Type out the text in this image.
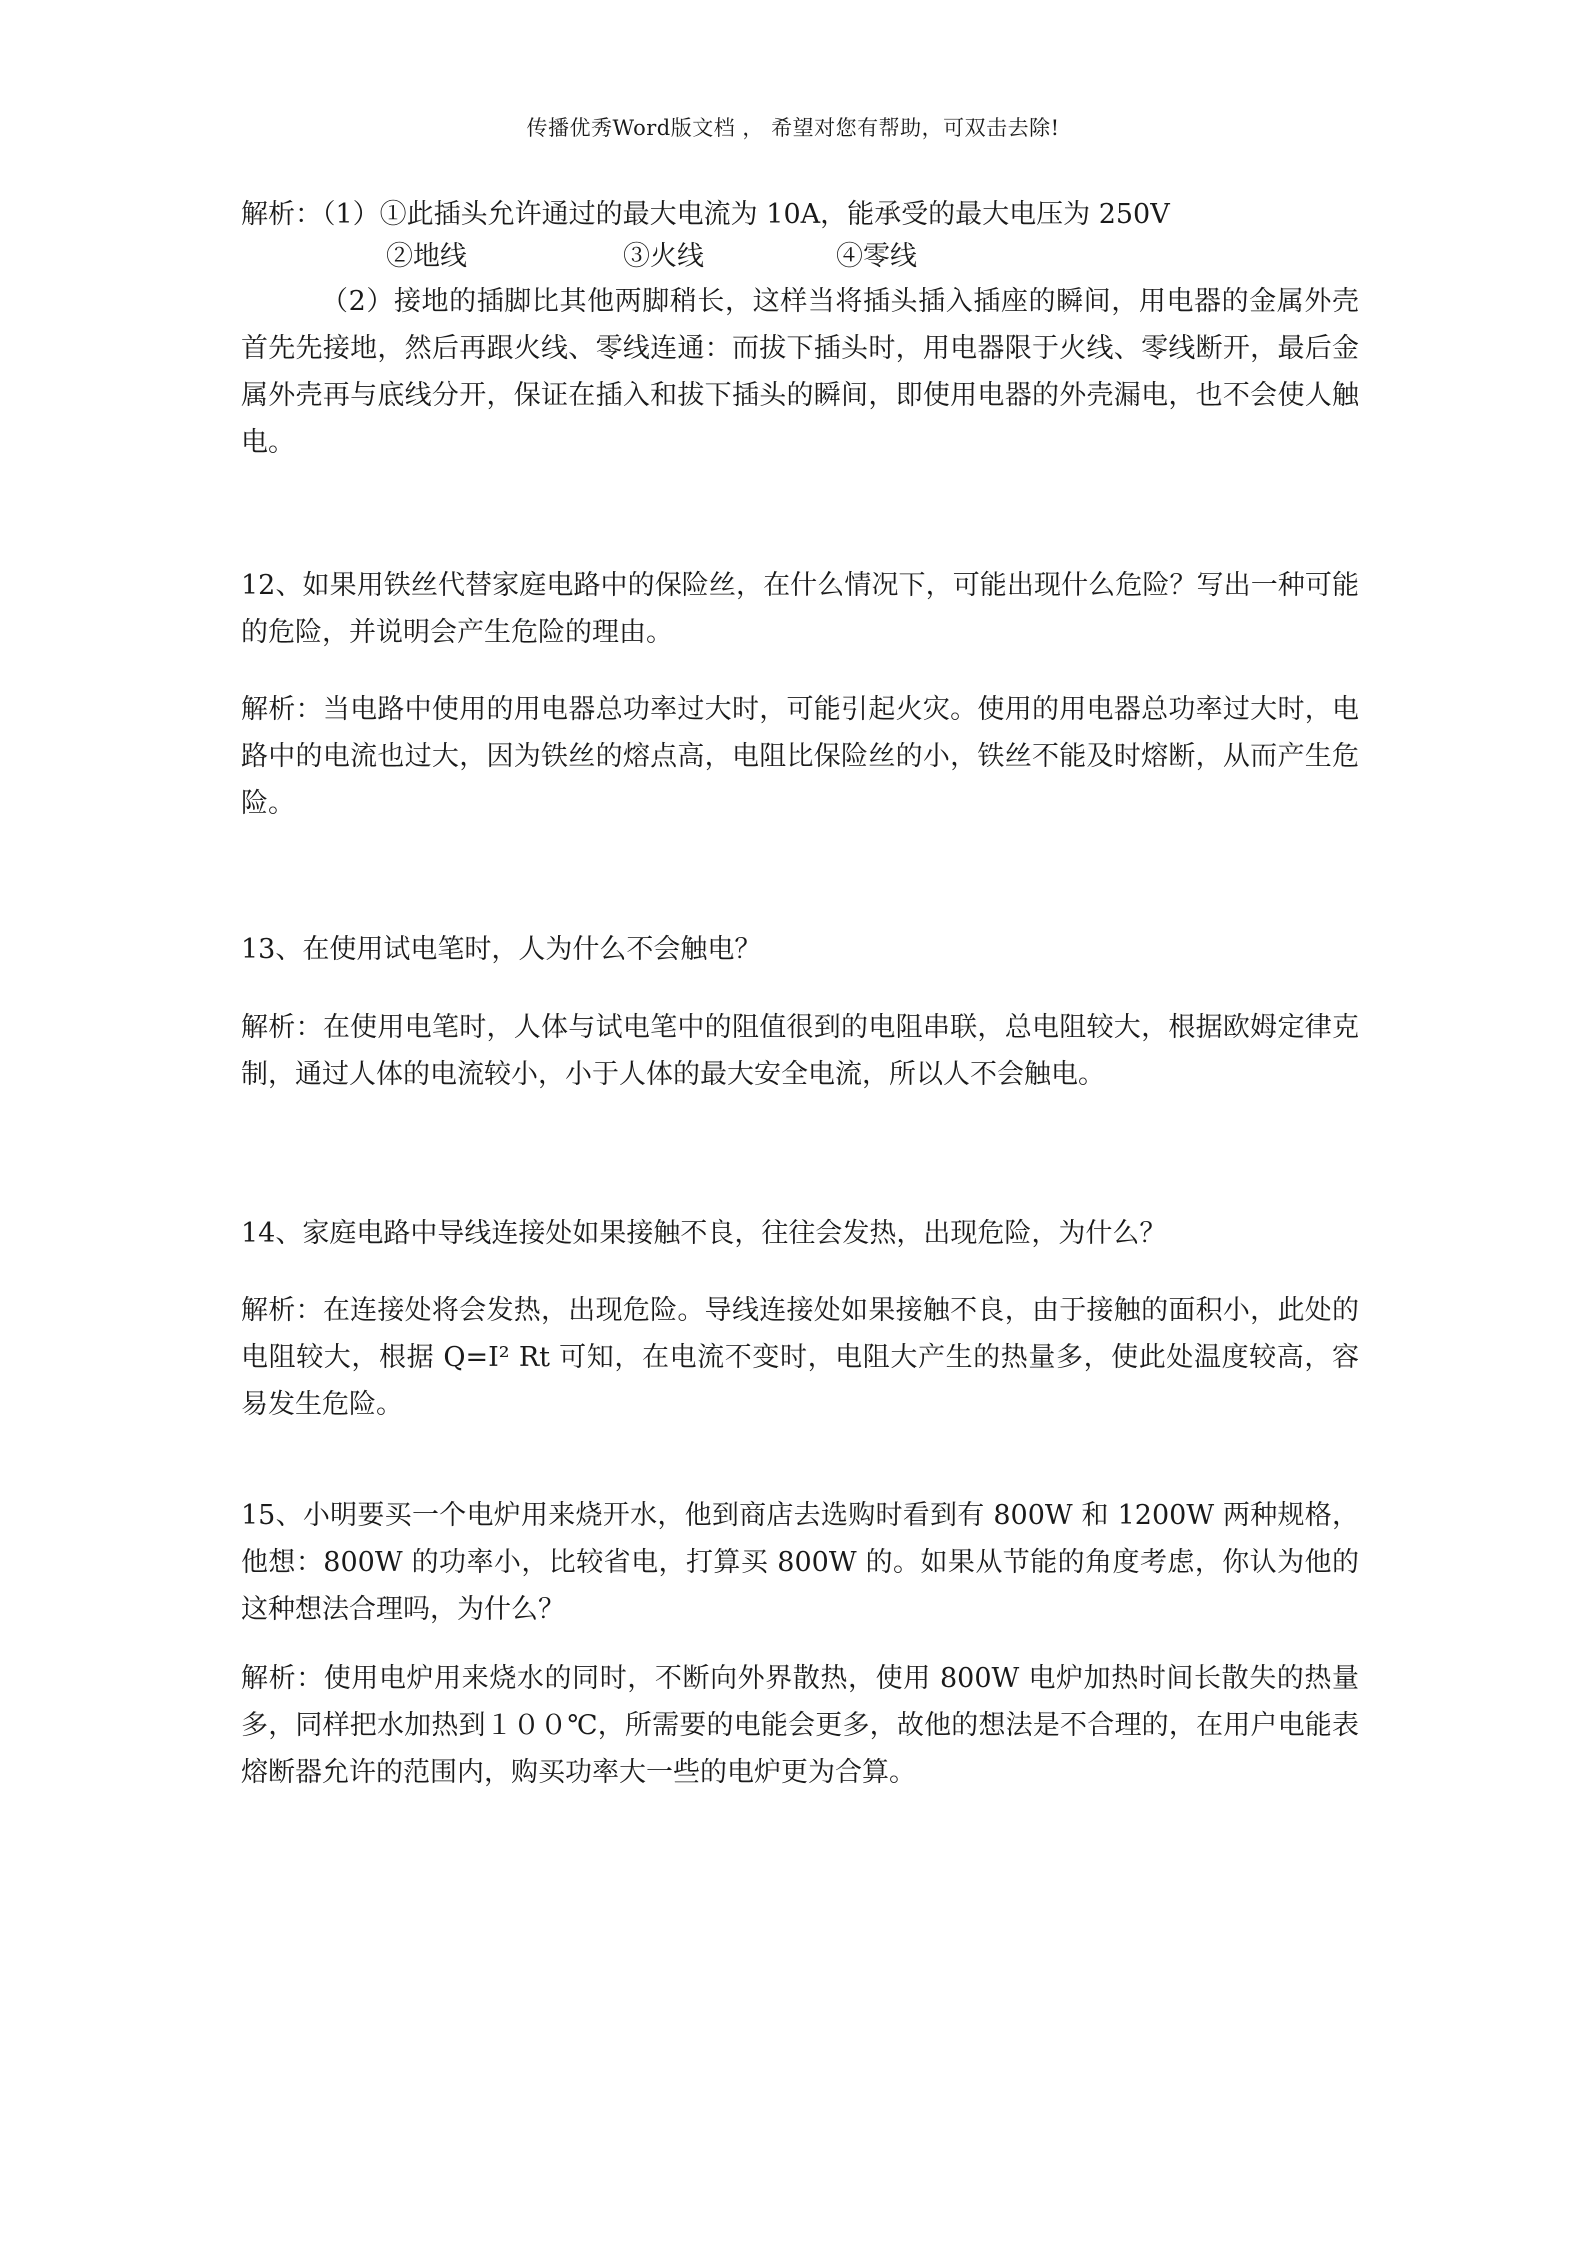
传播优秀Word版文档 ， 希望对您有帮助，可双击去除!

解析：（1）①此插头允许通过的最大电流为 10A，能承受的最大电压为 250V

②地线	③火线	④零线

（2）接地的插脚比其他两脚稍长，这样当将插头插入插座的瞬间，用电器的金属外壳首先先接地，然后再跟火线、零线连通：而拔下插头时，用电器限于火线、零线断开，最后金属外壳再与底线分开，保证在插入和拔下插头的瞬间，即使用电器的外壳漏电，也不会使人触电。

12、如果用铁丝代替家庭电路中的保险丝，在什么情况下，可能出现什么危险？写出一种可能的危险，并说明会产生危险的理由。

解析：当电路中使用的用电器总功率过大时，可能引起火灾。使用的用电器总功率过大时，电路中的电流也过大，因为铁丝的熔点高，电阻比保险丝的小，铁丝不能及时熔断，从而产生危险。

13、在使用试电笔时，人为什么不会触电？

解析：在使用电笔时，人体与试电笔中的阻值很到的电阻串联，总电阻较大，根据欧姆定律克制，通过人体的电流较小，小于人体的最大安全电流，所以人不会触电。

14、家庭电路中导线连接处如果接触不良，往往会发热，出现危险，为什么？

解析：在连接处将会发热，出现危险。导线连接处如果接触不良，由于接触的面积小，此处的电阻较大，根据 Q=I² Rt 可知，在电流不变时，电阻大产生的热量多，使此处温度较高，容易发生危险。

15、小明要买一个电炉用来烧开水，他到商店去选购时看到有 800W 和 1200W 两种规格，他想：800W 的功率小，比较省电，打算买 800W 的。如果从节能的角度考虑，你认为他的这种想法合理吗，为什么？

解析：使用电炉用来烧水的同时，不断向外界散热，使用 800W 电炉加热时间长散失的热量多，同样把水加热到１００℃，所需要的电能会更多，故他的想法是不合理的，在用户电能表熔断器允许的范围内，购买功率大一些的电炉更为合算。
